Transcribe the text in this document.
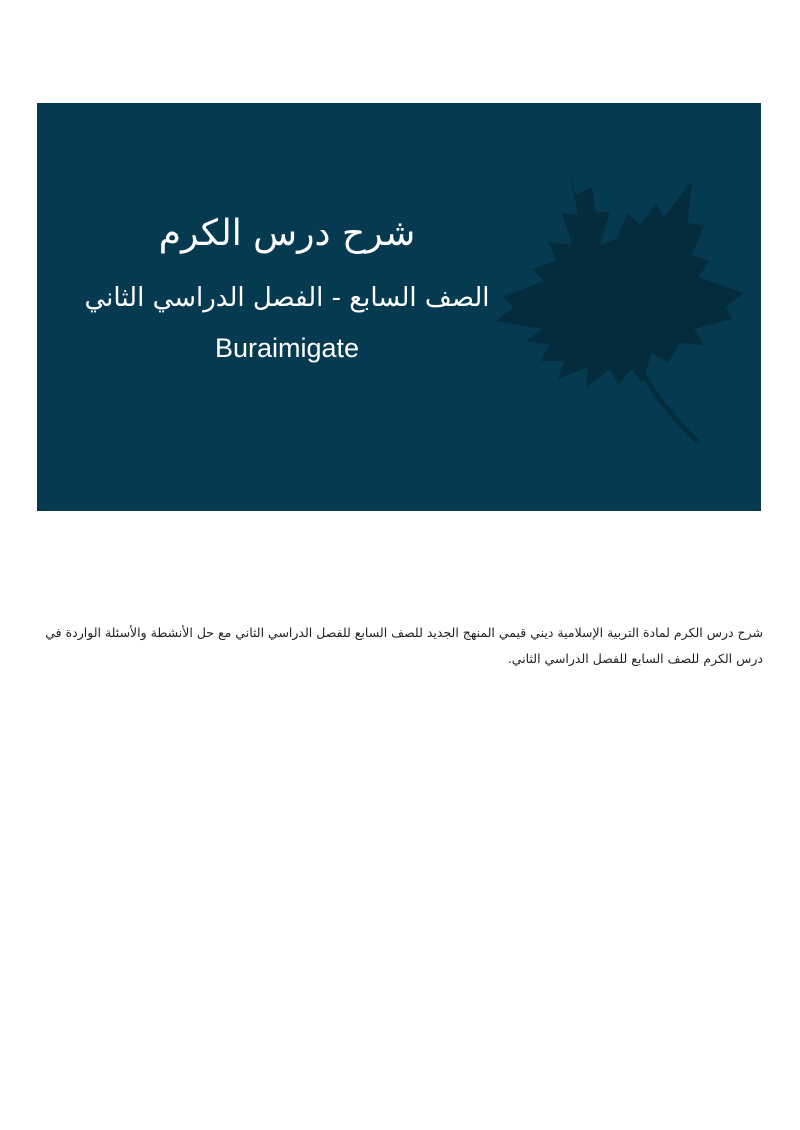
شرح درس الكرم
الصف السابع - الفصل الدراسي الثاني
Buraimigate

شرح درس الكرم لمادة التربية الإسلامية ديني قيمي المنهج الجديد للصف السابع للفصل الدراسي الثاني مع حل الأنشطة والأسئلة الواردة في درس الكرم للصف السابع للفصل الدراسي الثاني.
